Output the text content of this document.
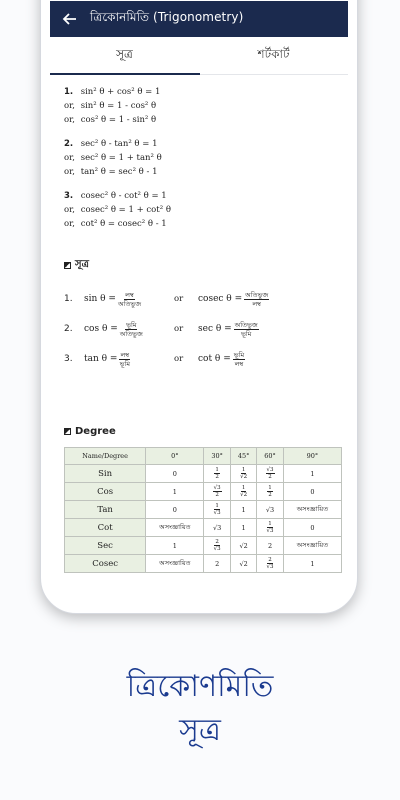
ত্রিকোনমিতি (Trigonometry)
সূত্র	শর্টকার্ট
1. sin² θ + cos² θ = 1
or, sin² θ = 1 - cos² θ
or, cos² θ = 1 - sin² θ
2. sec² θ - tan² θ = 1
or, sec² θ = 1 + tan² θ
or, tan² θ = sec² θ - 1
3. cosec² θ - cot² θ = 1
or, cosec² θ = 1 + cot² θ
or, cot² θ = cosec² θ - 1
সূত্র
1.	$\sin \theta = \frac{\text{লম্ব}}{\text{অতিভুজ}}$	or	cosec $\theta = \frac{\text{অতিভুজ}}{\text{লম্ব}}$
2.	$\cos \theta = \frac{\text{ভূমি}}{\text{অতিভুজ}}$	or	$\sec \theta = \frac{\text{অতিভুজ}}{\text{ভূমি}}$
3.	$\tan \theta = \frac{\text{লম্ব}}{\text{ভূমি}}$	or	$\cot \theta = \frac{\text{ভূমি}}{\text{লম্ব}}$
Degree
Name/Degree	0°	30°	45°	60°	90°
Sin	0	$\frac{1}{2}$	$\frac{1}{√2}$	$\frac{√3}{2}$	1
Cos	1	$\frac{√3}{2}$	$\frac{1}{√2}$	$\frac{1}{2}$	0
Tan	0	$\frac{1}{√3}$	1	√3	অসংজ্ঞায়িত
Cot	অসংজ্ঞায়িত	√3	1	$\frac{1}{√3}$	0
Sec	1	$\frac{2}{√3}$	√2	2	অসংজ্ঞায়িত
Cosec	অসংজ্ঞায়িত	2	√2	$\frac{2}{√3}$	1
ত্রিকোণমিতি
সূত্র
